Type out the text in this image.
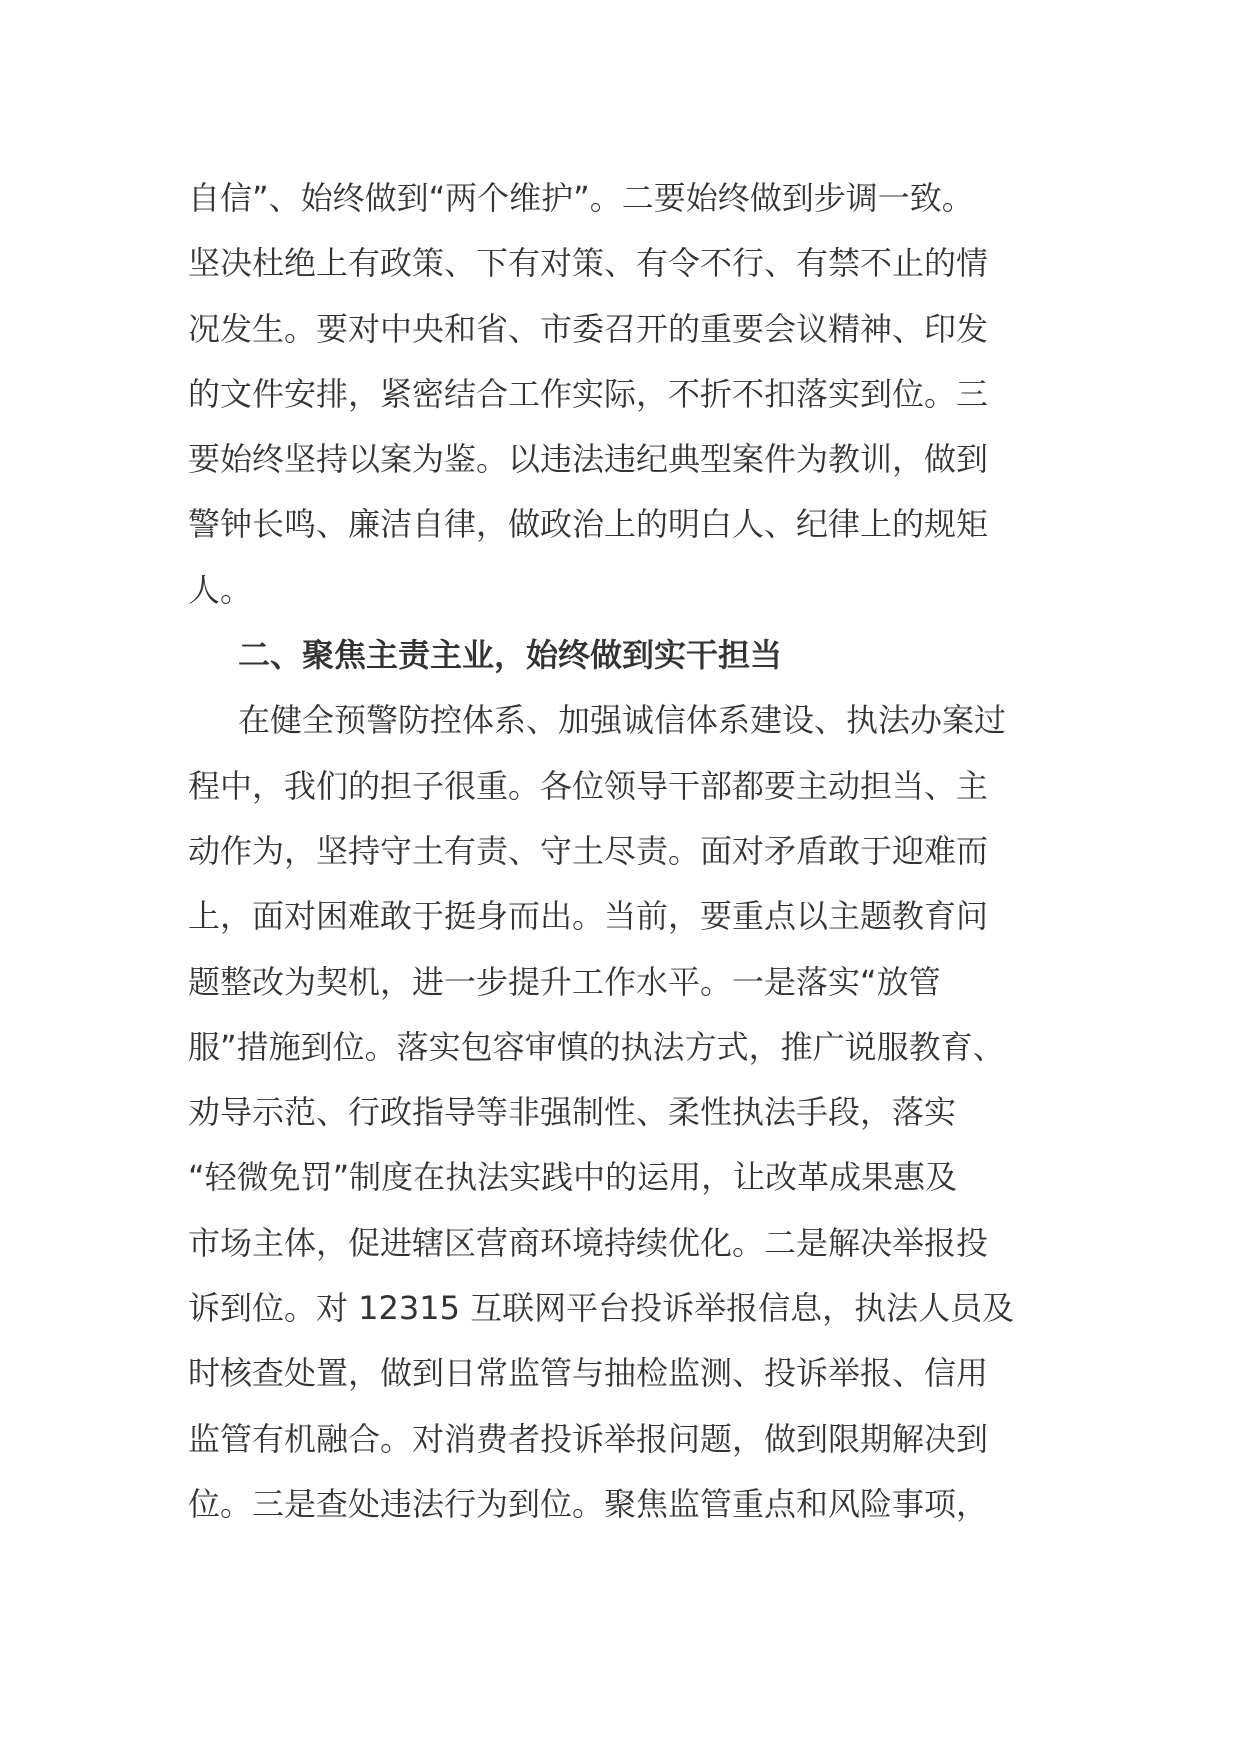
自信”、始终做到“两个维护”。二要始终做到步调一致。
坚决杜绝上有政策、下有对策、有令不行、有禁不止的情
况发生。要对中央和省、市委召开的重要会议精神、印发
的文件安排，紧密结合工作实际，不折不扣落实到位。三
要始终坚持以案为鉴。以违法违纪典型案件为教训，做到
警钟长鸣、廉洁自律，做政治上的明白人、纪律上的规矩
人。
二、聚焦主责主业，始终做到实干担当
在健全预警防控体系、加强诚信体系建设、执法办案过
程中，我们的担子很重。各位领导干部都要主动担当、主
动作为，坚持守土有责、守土尽责。面对矛盾敢于迎难而
上，面对困难敢于挺身而出。当前，要重点以主题教育问
题整改为契机，进一步提升工作水平。一是落实“放管
服”措施到位。落实包容审慎的执法方式，推广说服教育、
劝导示范、行政指导等非强制性、柔性执法手段，落实
“轻微免罚”制度在执法实践中的运用，让改革成果惠及
市场主体，促进辖区营商环境持续优化。二是解决举报投
诉到位。对 12315 互联网平台投诉举报信息，执法人员及
时核查处置，做到日常监管与抽检监测、投诉举报、信用
监管有机融合。对消费者投诉举报问题，做到限期解决到
位。三是查处违法行为到位。聚焦监管重点和风险事项，
